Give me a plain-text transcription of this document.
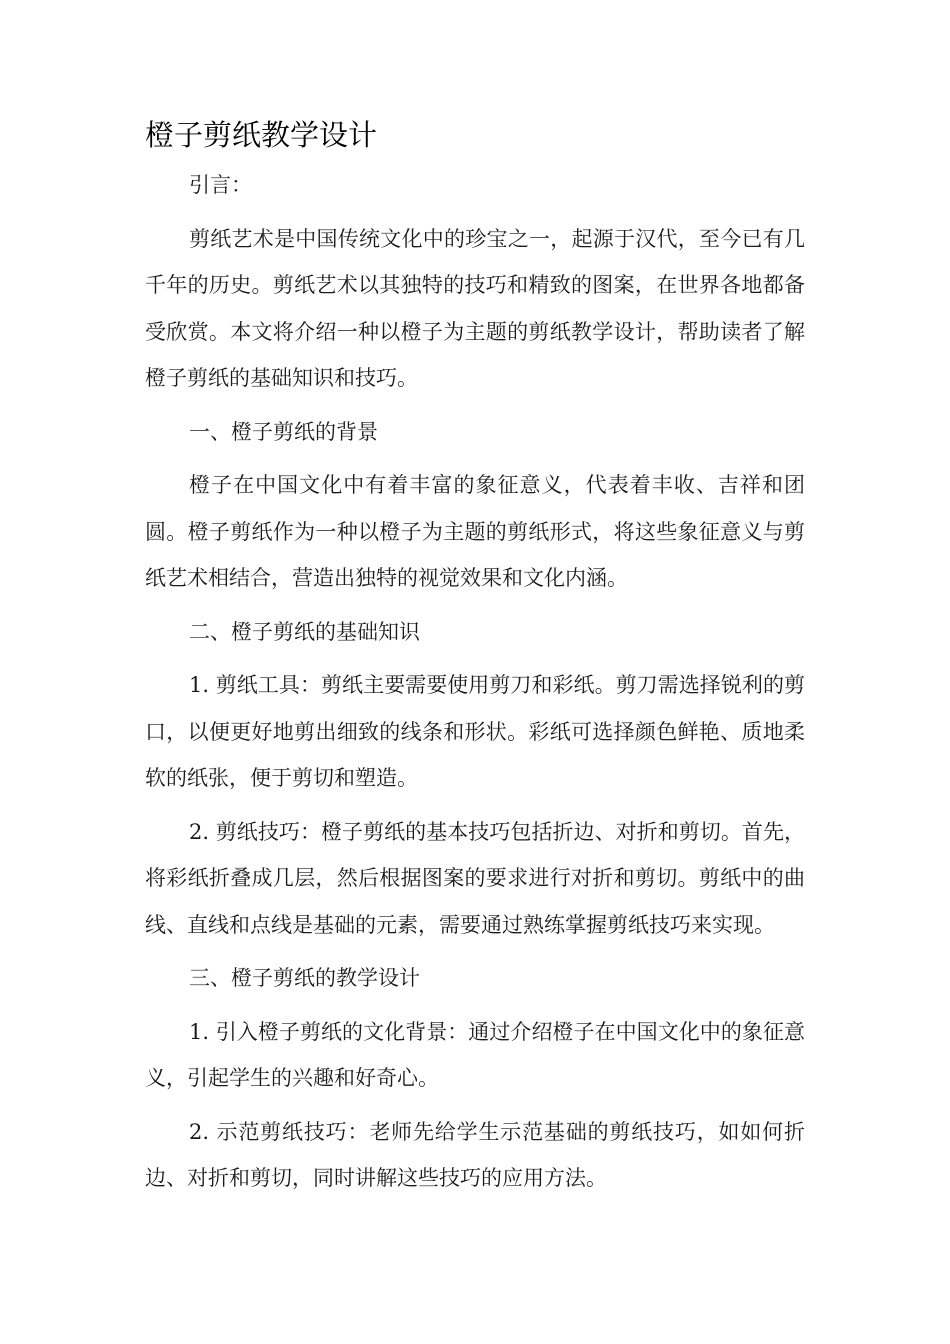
橙子剪纸教学设计

引言：

剪纸艺术是中国传统文化中的珍宝之一，起源于汉代，至今已有几千年的历史。剪纸艺术以其独特的技巧和精致的图案，在世界各地都备受欣赏。本文将介绍一种以橙子为主题的剪纸教学设计，帮助读者了解橙子剪纸的基础知识和技巧。

一、橙子剪纸的背景

橙子在中国文化中有着丰富的象征意义，代表着丰收、吉祥和团圆。橙子剪纸作为一种以橙子为主题的剪纸形式，将这些象征意义与剪纸艺术相结合，营造出独特的视觉效果和文化内涵。

二、橙子剪纸的基础知识

1. 剪纸工具：剪纸主要需要使用剪刀和彩纸。剪刀需选择锐利的剪口，以便更好地剪出细致的线条和形状。彩纸可选择颜色鲜艳、质地柔软的纸张，便于剪切和塑造。

2. 剪纸技巧：橙子剪纸的基本技巧包括折边、对折和剪切。首先，将彩纸折叠成几层，然后根据图案的要求进行对折和剪切。剪纸中的曲线、直线和点线是基础的元素，需要通过熟练掌握剪纸技巧来实现。

三、橙子剪纸的教学设计

1. 引入橙子剪纸的文化背景：通过介绍橙子在中国文化中的象征意义，引起学生的兴趣和好奇心。

2. 示范剪纸技巧：老师先给学生示范基础的剪纸技巧，如如何折边、对折和剪切，同时讲解这些技巧的应用方法。
